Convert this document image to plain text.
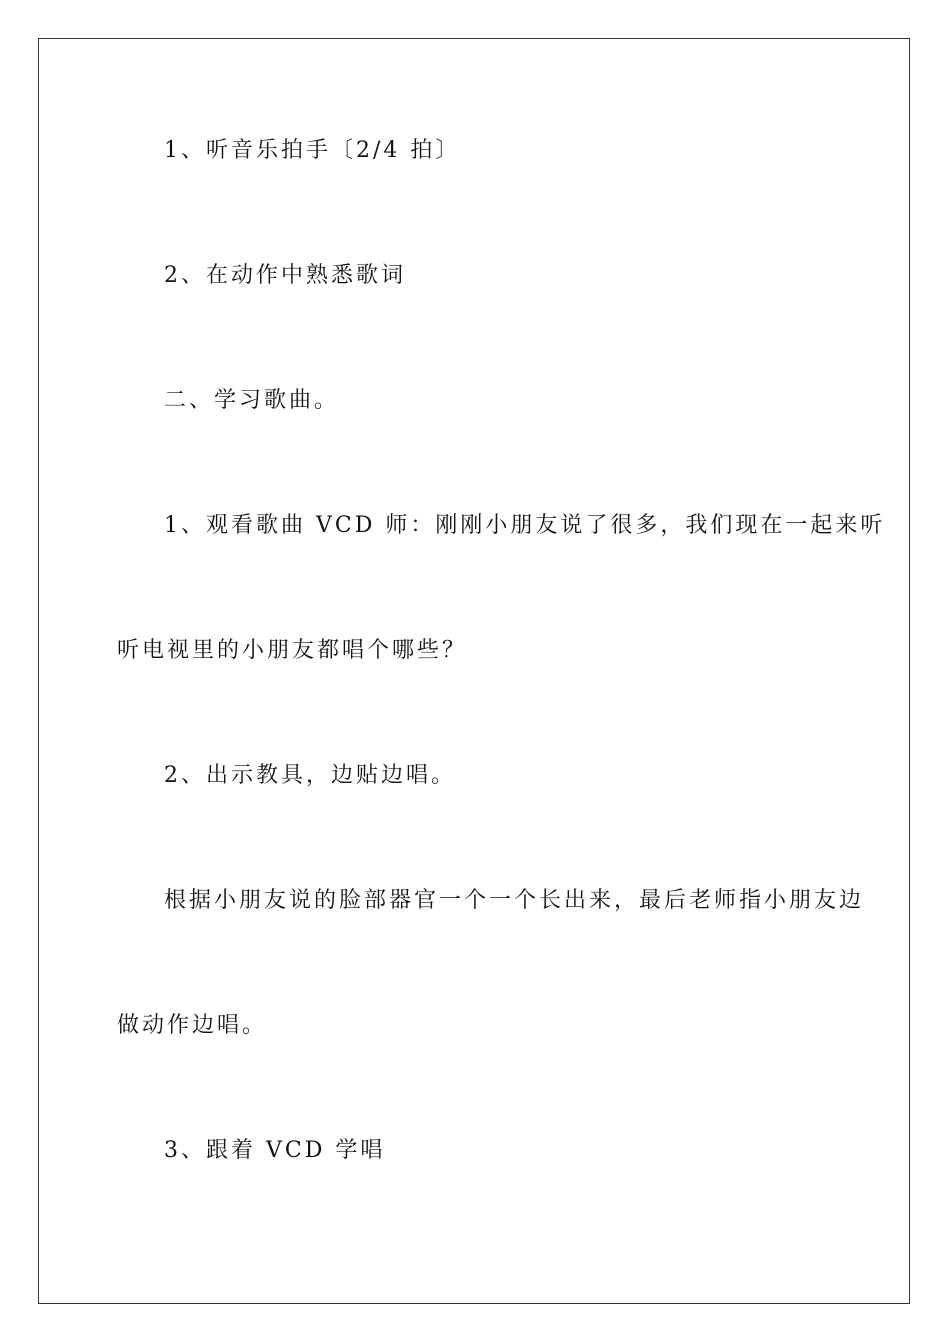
1、听音乐拍手〔2/4 拍〕
2、在动作中熟悉歌词
二、学习歌曲。
1、观看歌曲 VCD 师：刚刚小朋友说了很多，我们现在一起来听
听电视里的小朋友都唱个哪些？
2、出示教具，边贴边唱。
根据小朋友说的脸部器官一个一个长出来，最后老师指小朋友边
做动作边唱。
3、跟着 VCD 学唱
